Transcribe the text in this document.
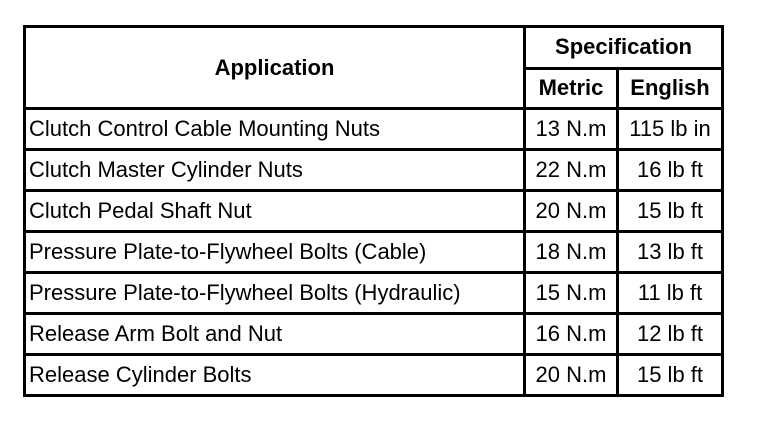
Application	Specification	
	Metric	English
Clutch Control Cable Mounting Nuts	13 N.m	115 lb in
Clutch Master Cylinder Nuts	22 N.m	16 lb ft
Clutch Pedal Shaft Nut	20 N.m	15 lb ft
Pressure Plate-to-Flywheel Bolts (Cable)	18 N.m	13 lb ft
Pressure Plate-to-Flywheel Bolts (Hydraulic)	15 N.m	11 lb ft
Release Arm Bolt and Nut	16 N.m	12 lb ft
Release Cylinder Bolts	20 N.m	15 lb ft
